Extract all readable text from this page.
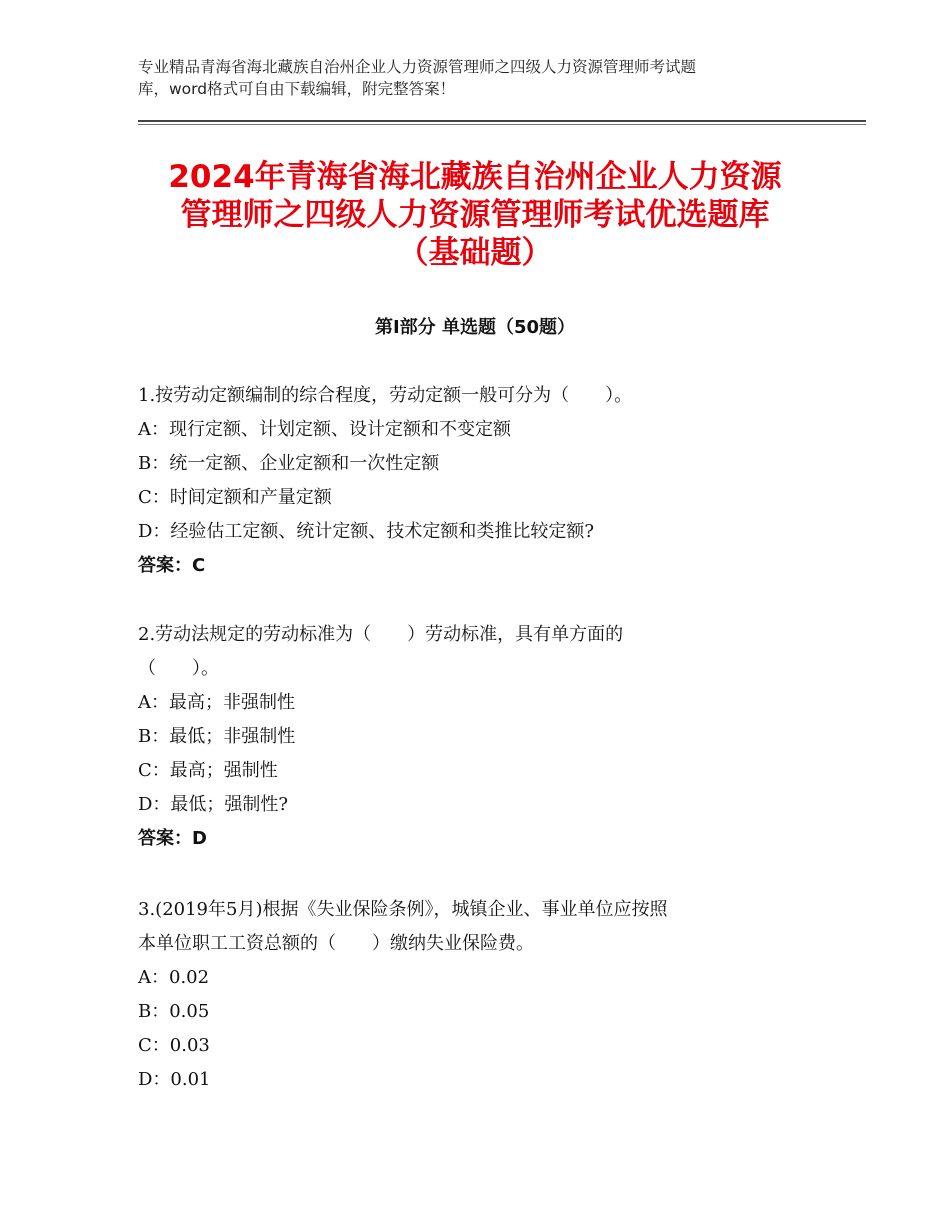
专业精品青海省海北藏族自治州企业人力资源管理师之四级人力资源管理师考试题
库，word格式可自由下载编辑，附完整答案！
2024年青海省海北藏族自治州企业人力资源
管理师之四级人力资源管理师考试优选题库
（基础题）
第Ⅰ部分 单选题（50题）
1.按劳动定额编制的综合程度，劳动定额一般可分为（　　）。
A：现行定额、计划定额、设计定额和不变定额
B：统一定额、企业定额和一次性定额
C：时间定额和产量定额
D：经验估工定额、统计定额、技术定额和类推比较定额?
答案：C
2.劳动法规定的劳动标准为（　　）劳动标准，具有单方面的
（　　）。
A：最高；非强制性
B：最低；非强制性
C：最高；强制性
D：最低；强制性?
答案：D
3.(2019年5月)根据《失业保险条例》，城镇企业、事业单位应按照
本单位职工工资总额的（　　）缴纳失业保险费。
A：0.02
B：0.05
C：0.03
D：0.01
